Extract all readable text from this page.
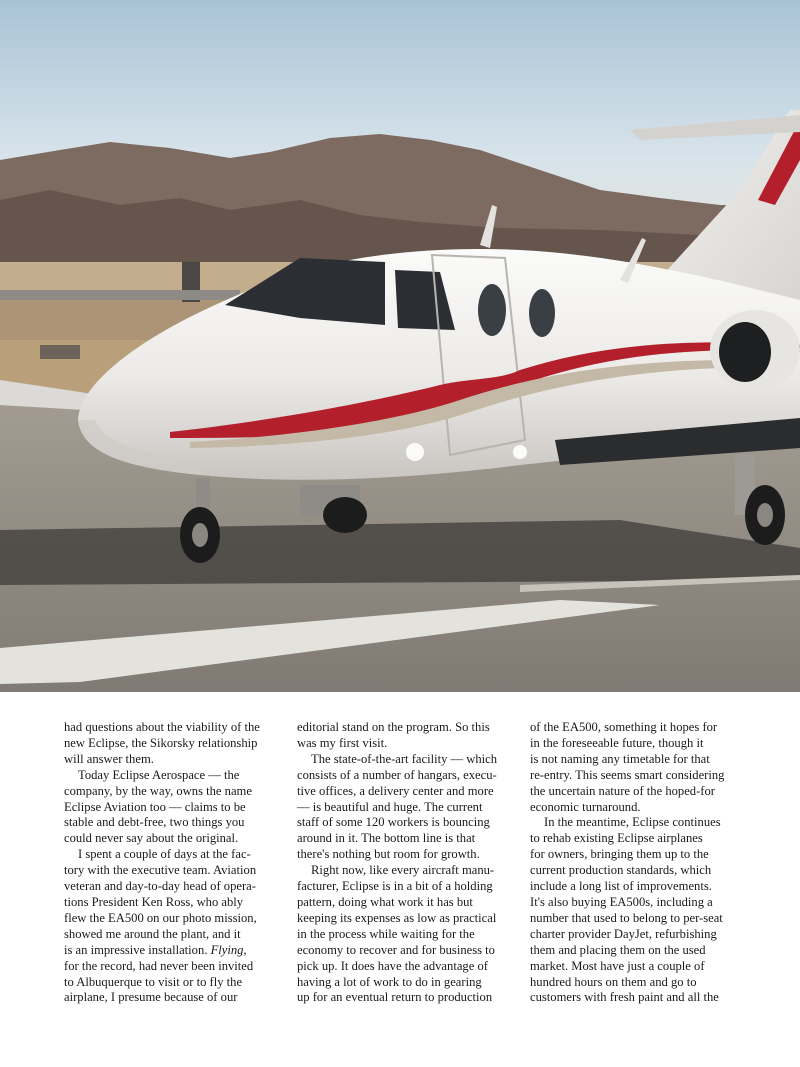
had questions about the viability of the
new Eclipse, the Sikorsky relationship
will answer them.
Today Eclipse Aerospace — the
company, by the way, owns the name
Eclipse Aviation too — claims to be
stable and debt-free, two things you
could never say about the original.
I spent a couple of days at the fac-
tory with the executive team. Aviation
veteran and day-to-day head of opera-
tions President Ken Ross, who ably
flew the EA500 on our photo mission,
showed me around the plant, and it
is an impressive installation. Flying,
for the record, had never been invited
to Albuquerque to visit or to fly the
airplane, I presume because of our
editorial stand on the program. So this
was my first visit.
The state-of-the-art facility — which
consists of a number of hangars, execu-
tive offices, a delivery center and more
— is beautiful and huge. The current
staff of some 120 workers is bouncing
around in it. The bottom line is that
there's nothing but room for growth.
Right now, like every aircraft manu-
facturer, Eclipse is in a bit of a holding
pattern, doing what work it has but
keeping its expenses as low as practical
in the process while waiting for the
economy to recover and for business to
pick up. It does have the advantage of
having a lot of work to do in gearing
up for an eventual return to production
of the EA500, something it hopes for
in the foreseeable future, though it
is not naming any timetable for that
re-entry. This seems smart considering
the uncertain nature of the hoped-for
economic turnaround.
In the meantime, Eclipse continues
to rehab existing Eclipse airplanes
for owners, bringing them up to the
current production standards, which
include a long list of improvements.
It's also buying EA500s, including a
number that used to belong to per-seat
charter provider DayJet, refurbishing
them and placing them on the used
market. Most have just a couple of
hundred hours on them and go to
customers with fresh paint and all the
